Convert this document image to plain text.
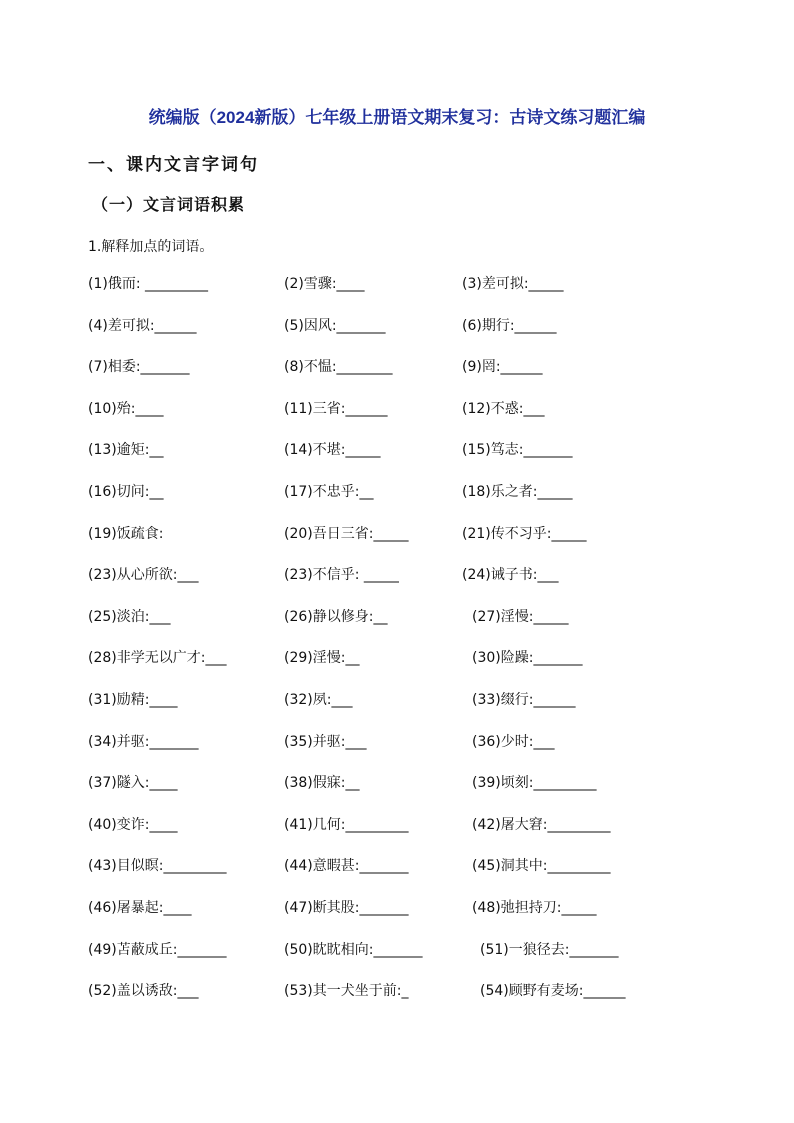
统编版（2024新版）七年级上册语文期末复习：古诗文练习题汇编
一、课内文言字词句
（一）文言词语积累
1.解释加点的词语。
(1)俄而: _________	(2)雪骤:____	(3)差可拟:_____
(4)差可拟:______	(5)因风:_______	(6)期行:______
(7)相委:_______	(8)不愠:________	(9)罔:______
(10)殆:____	(11)三省:______	(12)不惑:___
(13)逾矩:__	(14)不堪:_____	(15)笃志:_______
(16)切问:__	(17)不忠乎:__	(18)乐之者:_____
(19)饭疏食:	(20)吾日三省:_____	(21)传不习乎:_____
(23)从心所欲:___	(23)不信乎: _____	(24)诫子书:___
(25)淡泊:___	(26)静以修身:__	(27)淫慢:_____
(28)非学无以广才:___	(29)淫慢:__	(30)险躁:_______
(31)励精:____	(32)夙:___	(33)缀行:______
(34)并驱:_______	(35)并驱:___	(36)少时:___
(37)隧入:____	(38)假寐:__	(39)顷刻:_________
(40)变诈:____	(41)几何:_________	(42)屠大窘:_________
(43)目似瞑:_________	(44)意暇甚:_______	(45)洞其中:_________
(46)屠暴起:____	(47)断其股:_______	(48)弛担持刀:_____
(49)苫蔽成丘:_______	(50)眈眈相向:_______	(51)一狼径去:_______
(52)盖以诱敌:___	(53)其一犬坐于前:_	(54)顾野有麦场:______
